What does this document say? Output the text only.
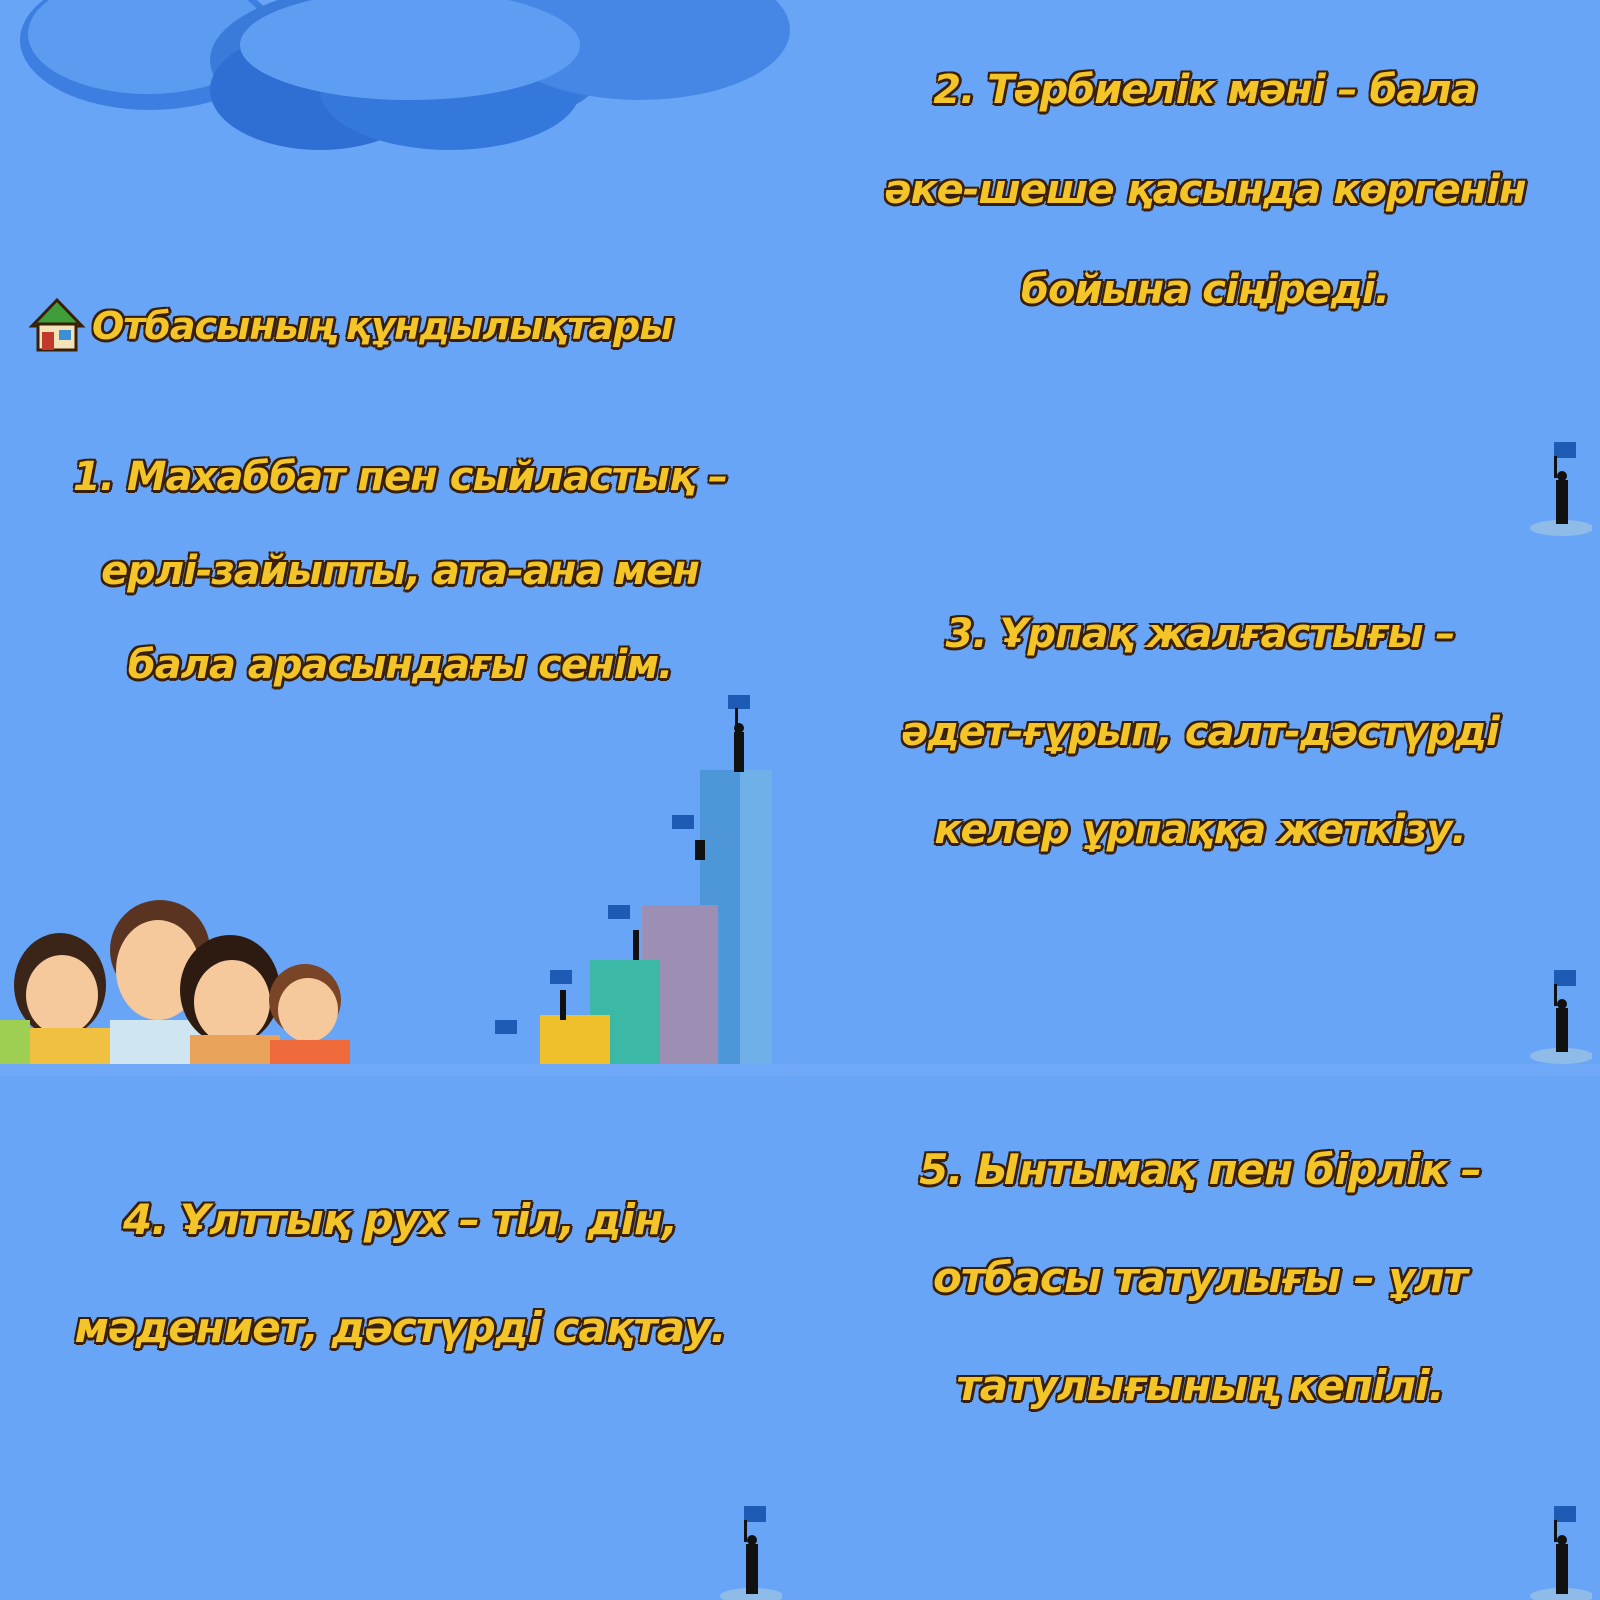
Отбасының құндылықтары
1. Махаббат пен сыйластық –
ерлі-зайыпты, ата-ана мен
бала арасындағы сенім.
2. Тәрбиелік мәні – бала
әке-шеше қасында көргенін
бойына сіңіреді.
3. Ұрпақ жалғастығы –
әдет-ғұрып, салт-дәстүрді
келер ұрпаққа жеткізу.
4. Ұлттық рух – тіл, дін,
мәдениет, дәстүрді сақтау.
5. Ынтымақ пен бірлік –
отбасы татулығы – ұлт
татулығының кепілі.
